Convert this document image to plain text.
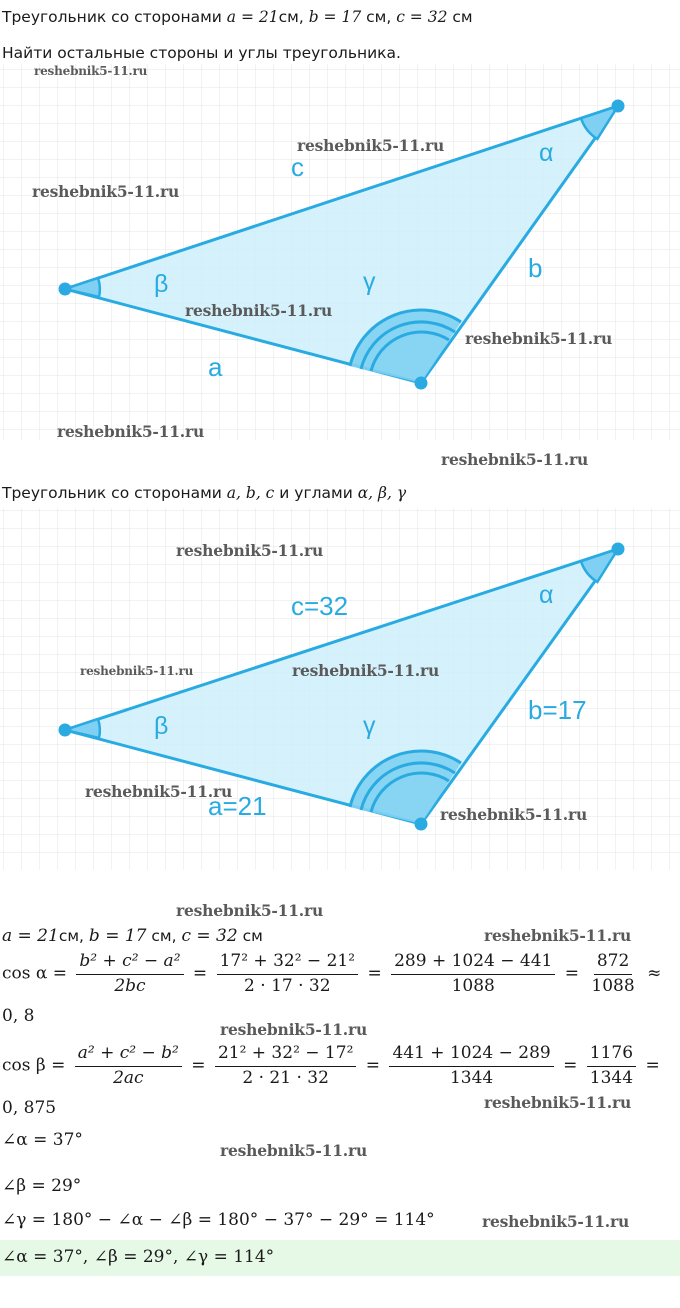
Треугольник со сторонами a = 21см, b = 17 см, c = 32 см
Найти остальные стороны и углы треугольника.
c
b
a
α
β	γ
Треугольник со сторонами a, b, c и углами α, β, γ
c=32
b=17
a=21
α
β	γ
a = 21см, b = 17 см, c = 32 см
$\cos \alpha = \frac{\text{b² + c² − a²}}{2bc} = \frac{\text{17² + 32² − 21²}}{2 \cdot 17 \cdot 32} = \frac{289 + 1024 - 441}{1088} = \frac{872}{1088}$ ≈
0, 8
$\cos \beta = \frac{\text{a² + c² − b²}}{2ac} = \frac{\text{21² + 32² − 17²}}{2 \cdot 21 \cdot 32} = \frac{441 + 1024 - 289}{1344} = \frac{1176}{1344}$ =
0, 875
∠α = 37°
∠β = 29°
∠γ = 180° − ∠α − ∠β = 180° − 37° − 29° = 114°
∠α = 37°, ∠β = 29°, ∠γ = 114°
reshebnik5-11.ru
reshebnik5-11.ru
reshebnik5-11.ru
reshebnik5-11.ru
reshebnik5-11.ru
reshebnik5-11.ru
reshebnik5-11.ru
reshebnik5-11.ru
reshebnik5-11.ru	reshebnik5-11.ru
reshebnik5-11.ru
reshebnik5-11.ru
reshebnik5-11.ru
reshebnik5-11.ru
reshebnik5-11.ru
reshebnik5-11.ru
reshebnik5-11.ru
reshebnik5-11.ru
